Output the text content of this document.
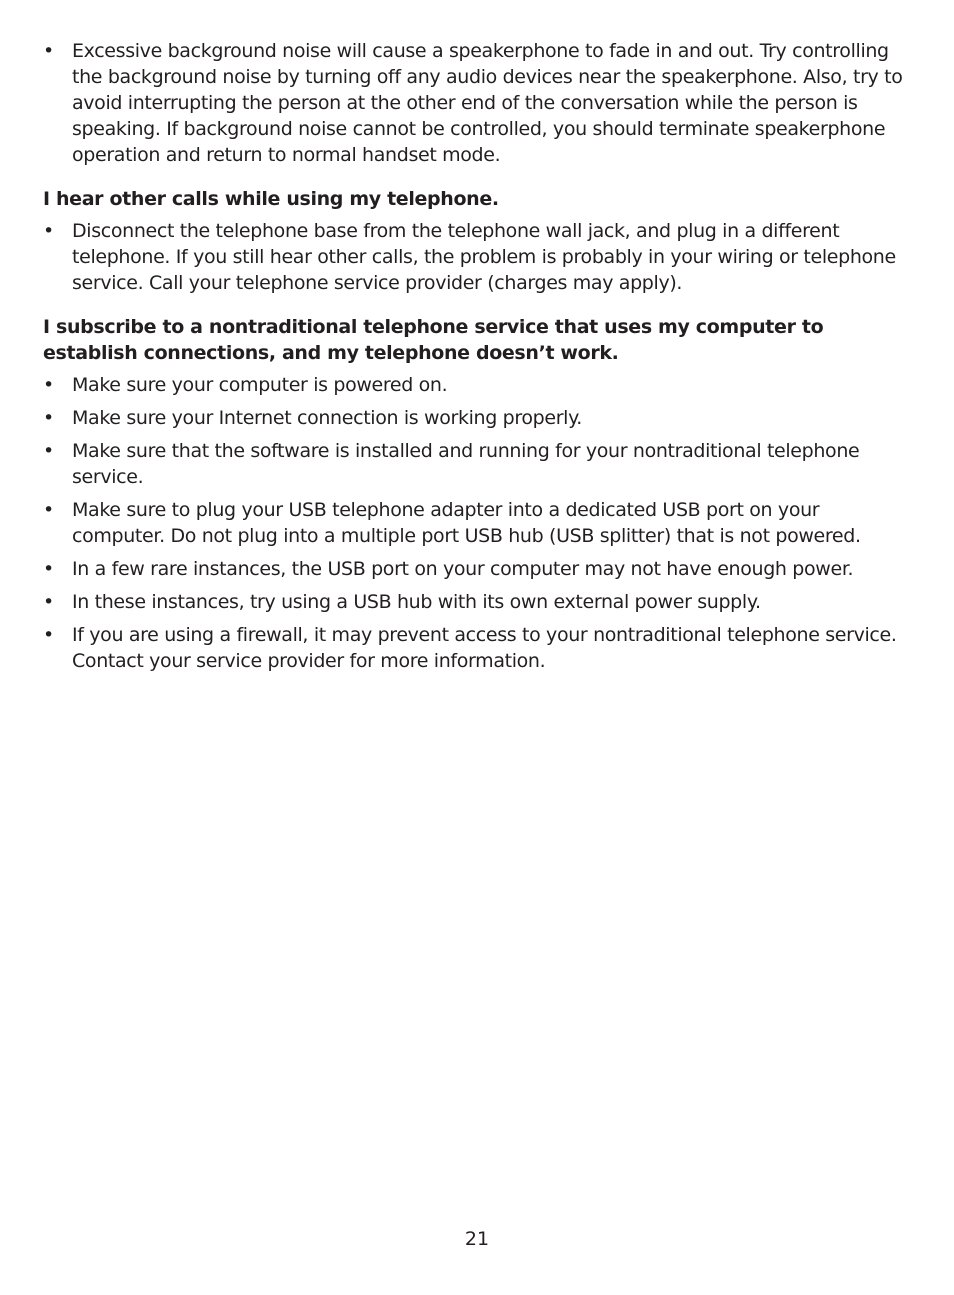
• Excessive background noise will cause a speakerphone to fade in and out. Try controlling the background noise by turning off any audio devices near the speakerphone. Also, try to avoid interrupting the person at the other end of the conversation while the person is speaking. If background noise cannot be controlled, you should terminate speakerphone operation and return to normal handset mode.
I hear other calls while using my telephone.
• Disconnect the telephone base from the telephone wall jack, and plug in a different telephone. If you still hear other calls, the problem is probably in your wiring or telephone service. Call your telephone service provider (charges may apply).
I subscribe to a nontraditional telephone service that uses my computer to establish connections, and my telephone doesn’t work.
• Make sure your computer is powered on.
• Make sure your Internet connection is working properly.
• Make sure that the software is installed and running for your nontraditional telephone service.
• Make sure to plug your USB telephone adapter into a dedicated USB port on your computer. Do not plug into a multiple port USB hub (USB splitter) that is not powered.
• In a few rare instances, the USB port on your computer may not have enough power.
• In these instances, try using a USB hub with its own external power supply.
• If you are using a firewall, it may prevent access to your nontraditional telephone service. Contact your service provider for more information.
21
